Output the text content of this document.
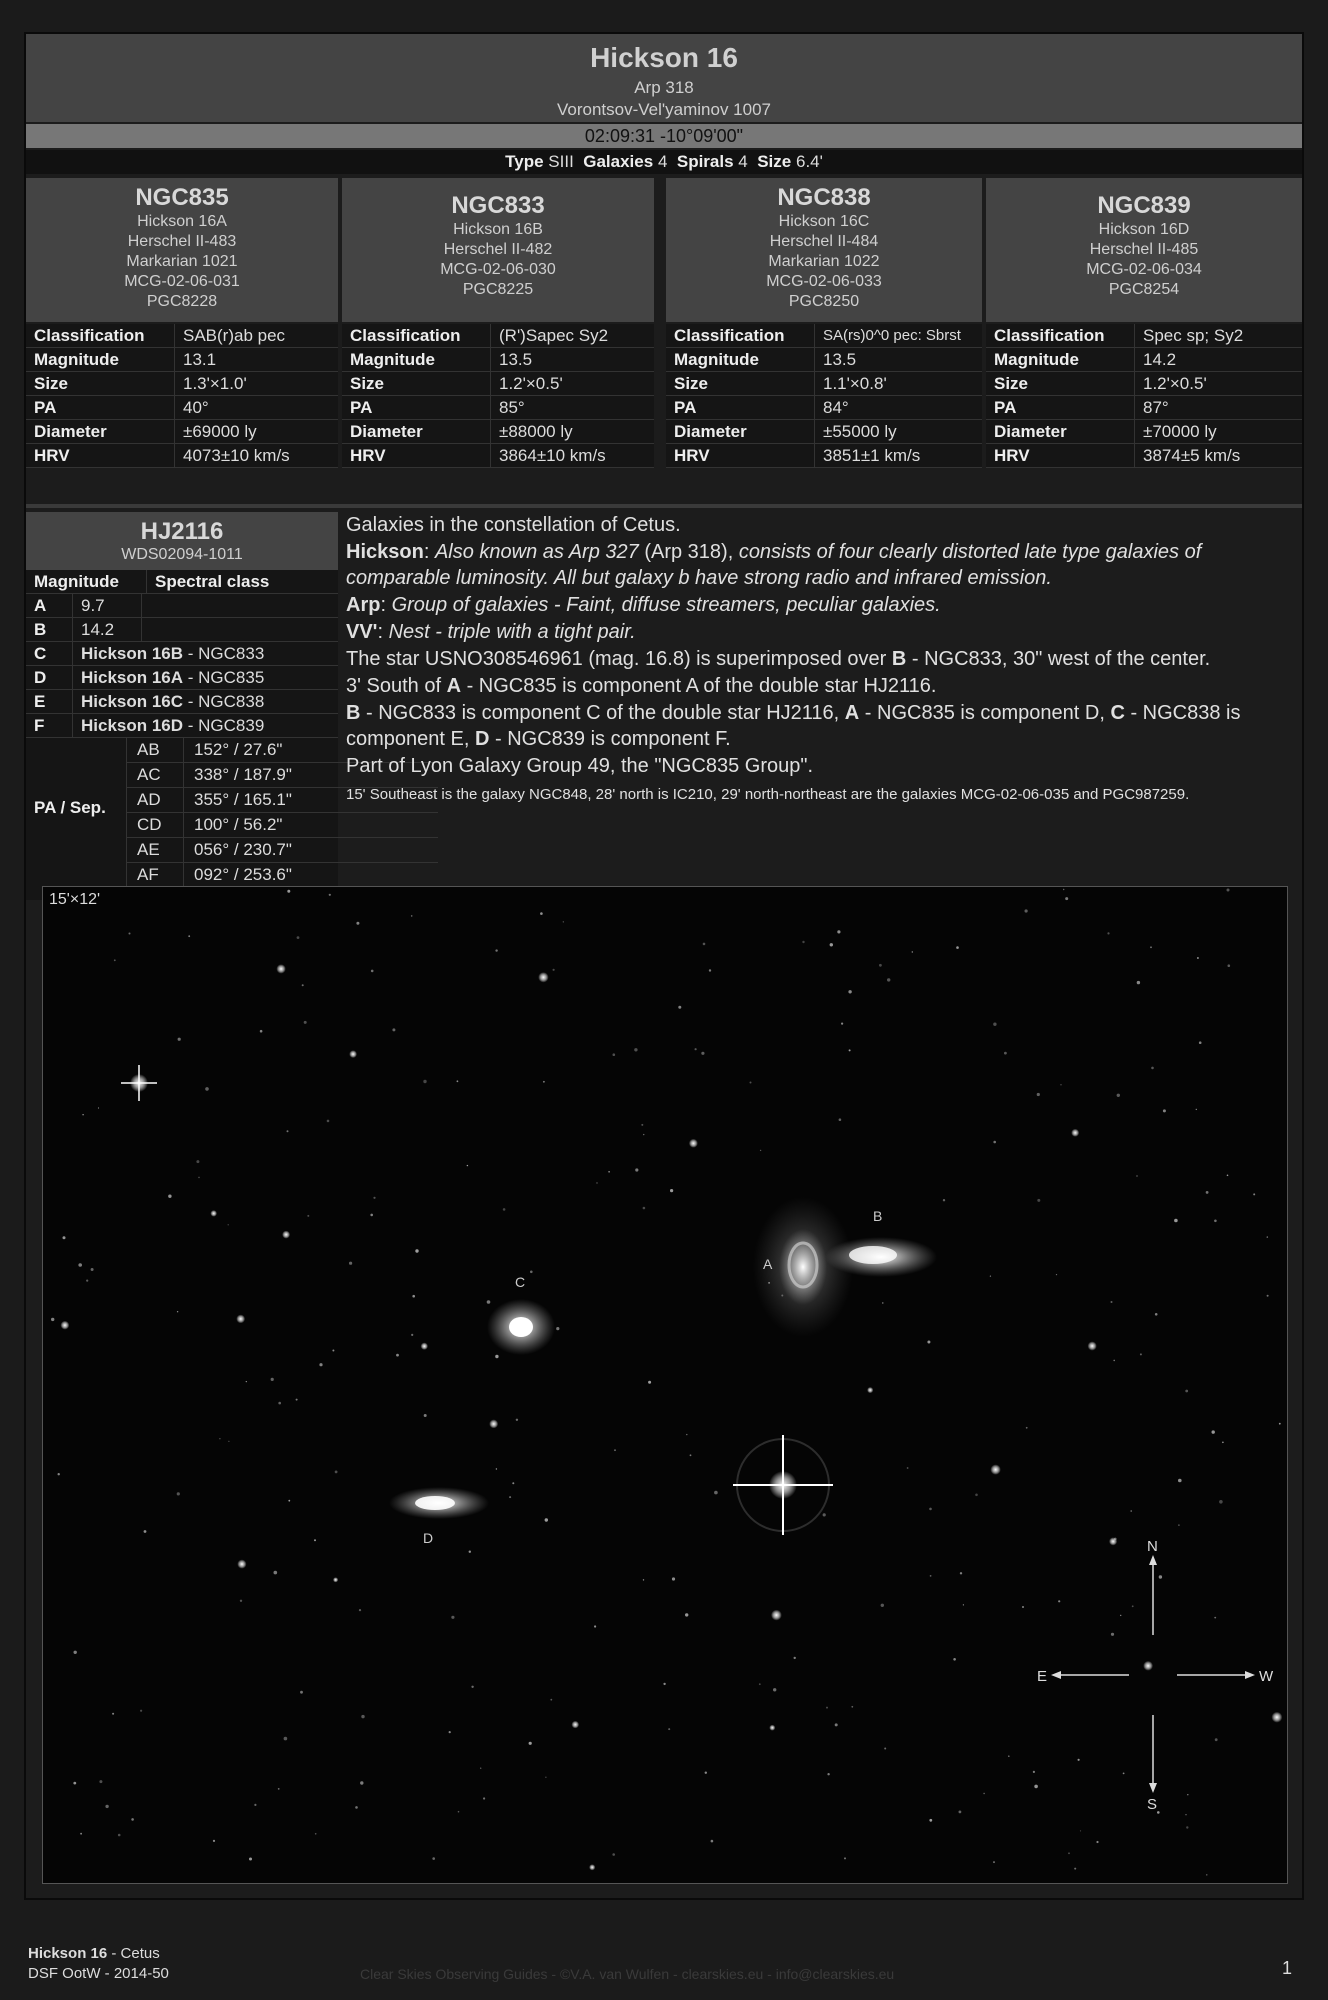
Hickson 16
Arp 318
Vorontsov-Vel'yaminov 1007
02:09:31 -10°09'00"
Type SIII Galaxies 4 Spirals 4 Size 6.4'
NGC835
Hickson 16A
Herschel II-483
Markarian 1021
MCG-02-06-031
PGC8228
Classification	SAB(r)ab pec
Magnitude	13.1
Size	1.3'×1.0'
PA	40°
Diameter	±69000 ly
HRV	4073±10 km/s
NGC833
Hickson 16B
Herschel II-482
MCG-02-06-030
PGC8225
Classification	(R')Sapec Sy2
Magnitude	13.5
Size	1.2'×0.5'
PA	85°
Diameter	±88000 ly
HRV	3864±10 km/s
NGC838
Hickson 16C
Herschel II-484
Markarian 1022
MCG-02-06-033
PGC8250
Classification	SA(rs)0^0 pec: Sbrst
Magnitude	13.5
Size	1.1'×0.8'
PA	84°
Diameter	±55000 ly
HRV	3851±1 km/s
NGC839
Hickson 16D
Herschel II-485
MCG-02-06-034
PGC8254
Classification	Spec sp; Sy2
Magnitude	14.2
Size	1.2'×0.5'
PA	87°
Diameter	±70000 ly
HRV	3874±5 km/s
HJ2116
WDS02094-1011
Magnitude	Spectral class
A	9.7	
B	14.2	
C	Hickson 16B - NGC833	
D	Hickson 16A - NGC835	
E	Hickson 16C - NGC838	
F	Hickson 16D - NGC839	
PA / Sep.
AB	152° / 27.6"
AC	338° / 187.9"
AD	355° / 165.1"
CD	100° / 56.2"
AE	056° / 230.7"
AF	092° / 253.6"

Galaxies in the constellation of Cetus.

Hickson: Also known as Arp 327 (Arp 318), consists of four clearly distorted late type galaxies of comparable luminosity. All but galaxy b have strong radio and infrared emission.

Arp: Group of galaxies - Faint, diffuse streamers, peculiar galaxies.

VV': Nest - triple with a tight pair.

The star USNO308546961 (mag. 16.8) is superimposed over B - NGC833, 30" west of the center.

3' South of A - NGC835 is component A of the double star HJ2116.

B - NGC833 is component C of the double star HJ2116, A - NGC835 is component D, C - NGC838 is component E, D - NGC839 is component F.

Part of Lyon Galaxy Group 49, the "NGC835 Group".

15' Southeast is the galaxy NGC848, 28' north is IC210, 29' north-northeast are the galaxies MCG-02-06-035 and PGC987259.

A
B
C
D	N
S
E	W
15'×12'
Hickson 16 - Cetus
DSF OotW - 2014-50	Clear Skies Observing Guides - ©V.A. van Wulfen - clearskies.eu - info@clearskies.eu	1
